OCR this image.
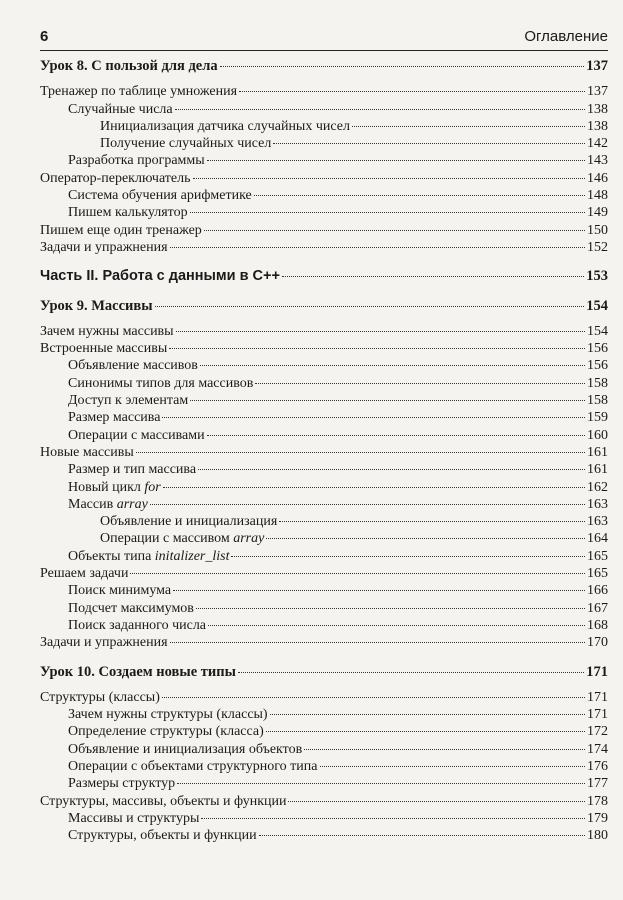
6	Оглавление
Урок 8. С пользой для дела	137
Тренажер по таблице умножения	137
Случайные числа	138
Инициализация датчика случайных чисел	138
Получение случайных чисел	142
Разработка программы	143
Оператор-переключатель	146
Система обучения арифметике	148
Пишем калькулятор	149
Пишем еще один тренажер	150
Задачи и упражнения	152
Часть II. Работа с данными в C++	153
Урок 9. Массивы	154
Зачем нужны массивы	154
Встроенные массивы	156
Объявление массивов	156
Синонимы типов для массивов	158
Доступ к элементам	158
Размер массива	159
Операции с массивами	160
Новые массивы	161
Размер и тип массива	161
Новый цикл for	162
Массив array	163
Объявление и инициализация	163
Операции с массивом array	164
Объекты типа initalizer_list	165
Решаем задачи	165
Поиск минимума	166
Подсчет максимумов	167
Поиск заданного числа	168
Задачи и упражнения	170
Урок 10. Создаем новые типы	171
Структуры (классы)	171
Зачем нужны структуры (классы)	171
Определение структуры (класса)	172
Объявление и инициализация объектов	174
Операции с объектами структурного типа	176
Размеры структур	177
Структуры, массивы, объекты и функции	178
Массивы и структуры	179
Структуры, объекты и функции	180
